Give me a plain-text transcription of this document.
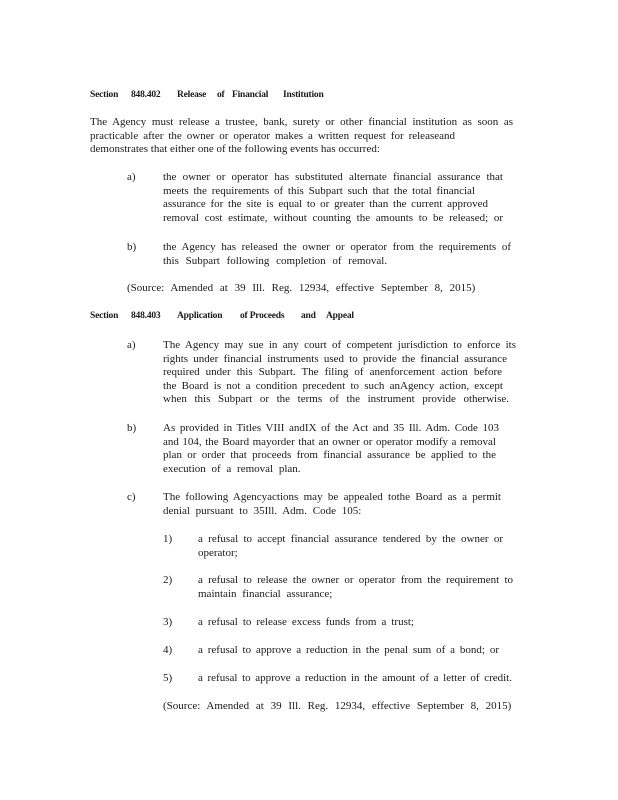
Section 848.402 Release of Financial Institution
The Agency must release a trustee, bank, surety or other financial institution as soon as
practicable after the owner or operator makes a written request for releaseand
demonstrates that either one of the following events has occurred:
a) the owner or operator has substituted alternate financial assurance that
meets the requirements of this Subpart such that the total financial
assurance for the site is equal to or greater than the current approved
removal cost estimate, without counting the amounts to be released; or
b) the Agency has released the owner or operator from the requirements of
this Subpart following completion of removal.
(Source: Amended at 39 Ill. Reg. 12934, effective September 8, 2015)
Section 848.403 Application of Proceeds and Appeal
a) The Agency may sue in any court of competent jurisdiction to enforce its
rights under financial instruments used to provide the financial assurance
required under this Subpart. The filing of anenforcement action before
the Board is not a condition precedent to such anAgency action, except
when this Subpart or the terms of the instrument provide otherwise.
b) As provided in Titles VIII andIX of the Act and 35 Ill. Adm. Code 103
and 104, the Board mayorder that an owner or operator modify a removal
plan or order that proceeds from financial assurance be applied to the
execution of a removal plan.
c) The following Agencyactions may be appealed tothe Board as a permit
denial pursuant to 35Ill. Adm. Code 105:
1) a refusal to accept financial assurance tendered by the owner or
operator;
2) a refusal to release the owner or operator from the requirement to
maintain financial assurance;
3) a refusal to release excess funds from a trust;
4) a refusal to approve a reduction in the penal sum of a bond; or
5) a refusal to approve a reduction in the amount of a letter of credit.
(Source: Amended at 39 Ill. Reg. 12934, effective September 8, 2015)
